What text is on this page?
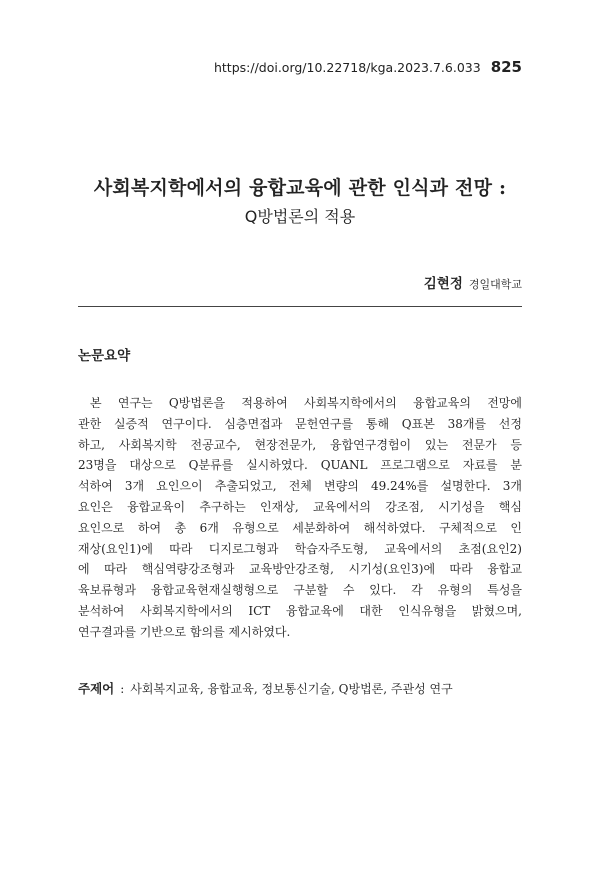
https://doi.org/10.22718/kga.2023.7.6.033 825
사회복지학에서의 융합교육에 관한 인식과 전망 :
Q방법론의 적용
김현정 경일대학교
논문요약
본 연구는 Q방법론을 적용하여 사회복지학에서의 융합교육의 전망에
관한 실증적 연구이다. 심층면접과 문헌연구를 통해 Q표본 38개를 선정
하고, 사회복지학 전공교수, 현장전문가, 융합연구경험이 있는 전문가 등
23명을 대상으로 Q분류를 실시하였다. QUANL 프로그램으로 자료를 분
석하여 3개 요인으이 추출되었고, 전체 변량의 49.24%를 설명한다. 3개
요인은 융합교육이 추구하는 인재상, 교육에서의 강조점, 시기성을 핵심
요인으로 하여 총 6개 유형으로 세분화하여 해석하였다. 구체적으로 인
재상(요인1)에 따라 디지로그형과 학습자주도형, 교육에서의 초점(요인2)
에 따라 핵심역량강조형과 교육방안강조형, 시기성(요인3)에 따라 융합교
육보류형과 융합교육현재실행형으로 구분할 수 있다. 각 유형의 특성을
분석하여 사회복지학에서의 ICT 융합교육에 대한 인식유형을 밝혔으며,
연구결과를 기반으로 함의를 제시하였다.
주제어 : 사회복지교육, 융합교육, 정보통신기술, Q방법론, 주관성 연구
